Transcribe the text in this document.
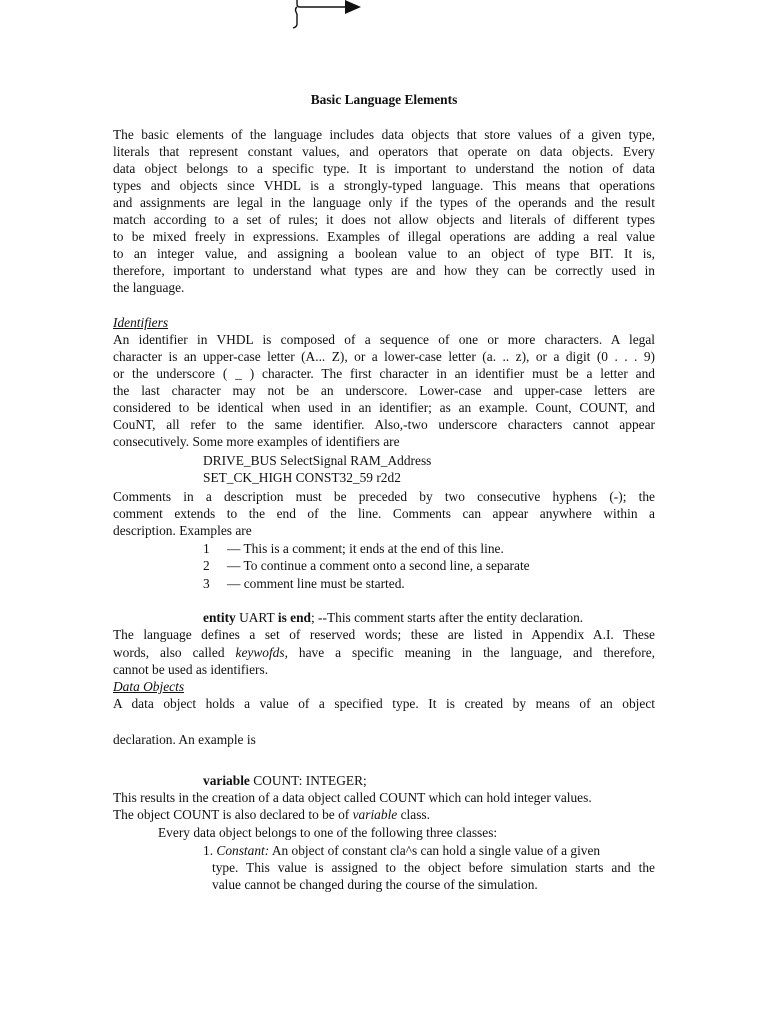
Basic Language Elements
The basic elements of the language includes data objects that store values of a given type,
literals that represent constant values, and operators that operate on data objects. Every
data object belongs to a specific type. It is important to understand the notion of data
types and objects since VHDL is a strongly-typed language. This means that operations
and assignments are legal in the language only if the types of the operands and the result
match according to a set of rules; it does not allow objects and literals of different types
to be mixed freely in expressions. Examples of illegal operations are adding a real value
to an integer value, and assigning a boolean value to an object of type BIT. It is,
therefore, important to understand what types are and how they can be correctly used in
the language.
Identifiers
An identifier in VHDL is composed of a sequence of one or more characters. A legal
character is an upper-case letter (A... Z), or a lower-case letter (a. .. z), or a digit (0 . . . 9)
or the underscore ( _ ) character. The first character in an identifier must be a letter and
the last character may not be an underscore. Lower-case and upper-case letters are
considered to be identical when used in an identifier; as an example. Count, COUNT, and
CouNT, all refer to the same identifier. Also,-two underscore characters cannot appear
consecutively. Some more examples of identifiers are
DRIVE_BUS SelectSignal RAM_Address
SET_CK_HIGH CONST32_59 r2d2
Comments in a description must be preceded by two consecutive hyphens (-); the
comment extends to the end of the line. Comments can appear anywhere within a
description. Examples are
1 — This is a comment; it ends at the end of this line.
2 — To continue a comment onto a second line, a separate
3 — comment line must be started.
entity UART is end; --This comment starts after the entity declaration.
The language defines a set of reserved words; these are listed in Appendix A.I. These
words, also called keywofds, have a specific meaning in the language, and therefore,
cannot be used as identifiers.
Data Objects
A data object holds a value of a specified type. It is created by means of an object
declaration. An example is
variable COUNT: INTEGER;
This results in the creation of a data object called COUNT which can hold integer values.
The object COUNT is also declared to be of variable class.
Every data object belongs to one of the following three classes:
1. Constant: An object of constant cla^s can hold a single value of a given
type. This value is assigned to the object before simulation starts and the
value cannot be changed during the course of the simulation.
